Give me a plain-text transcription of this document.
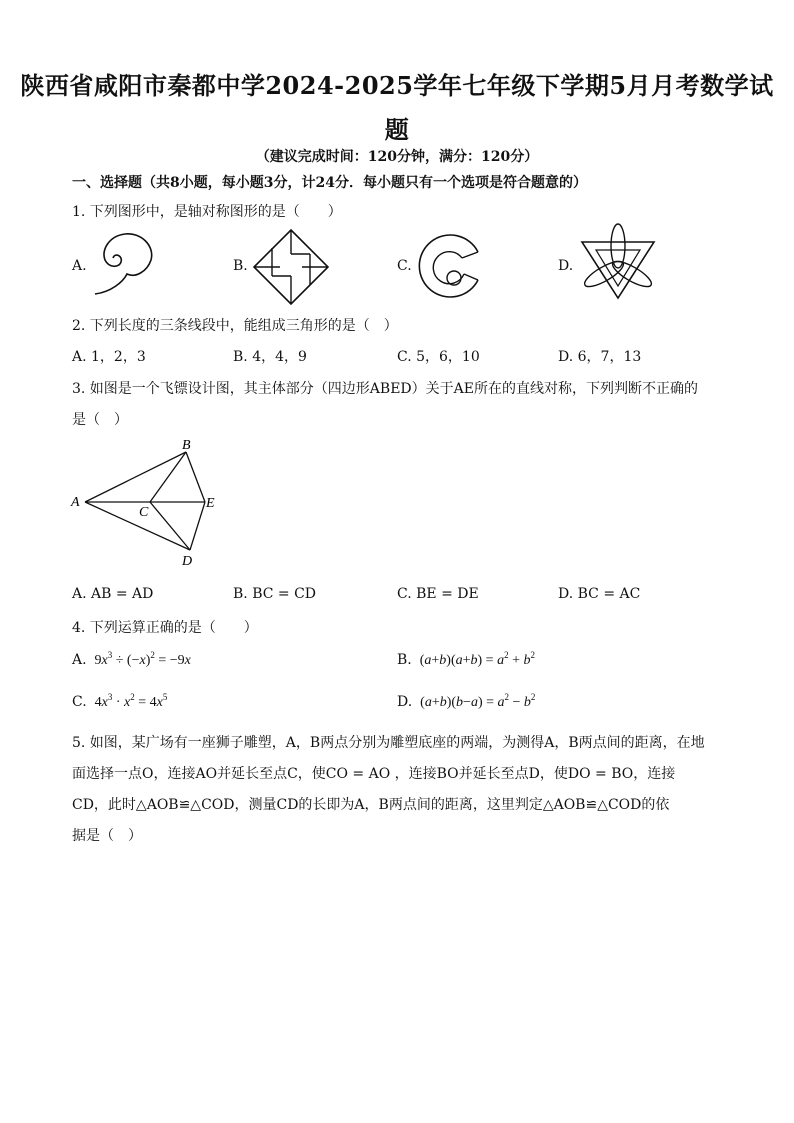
陕西省咸阳市秦都中学2024-2025学年七年级下学期5月月考数学试
题
（建议完成时间：120分钟，满分：120分）
一、选择题（共8小题，每小题3分，计24分．每小题只有一个选项是符合题意的）
1. 下列图形中，是轴对称图形的是（　　）
A.	B.	C.	D.
2. 下列长度的三条线段中，能组成三角形的是（　）
A. 1，2，3	B. 4，4，9	C. 5，6，10	D. 6，7，13
3. 如图是一个飞镖设计图，其主体部分（四边形ABED）关于AE所在的直线对称，下列判断不正确的
是（　）
A
B
C
D
E
A. AB = AD	B. BC = CD	C. BE = DE	D. BC = AC
4. 下列运算正确的是（　　）
A. $9x^3 \div (-x)^2 = -9x$	B. $(a+b)(a+b) = a^2 + b^2$
C. $4x^3 \cdot x^2 = 4x^5$	D. $(a+b)(b-a) = a^2 - b^2$
5. 如图，某广场有一座狮子雕塑，A，B两点分别为雕塑底座的两端，为测得A，B两点间的距离，在地
面选择一点O，连接AO并延长至点C，使CO = AO ，连接BO并延长至点D，使DO = BO，连接
CD，此时△AOB≌△COD，测量CD的长即为A，B两点间的距离，这里判定△AOB≌△COD的依
据是（　）
